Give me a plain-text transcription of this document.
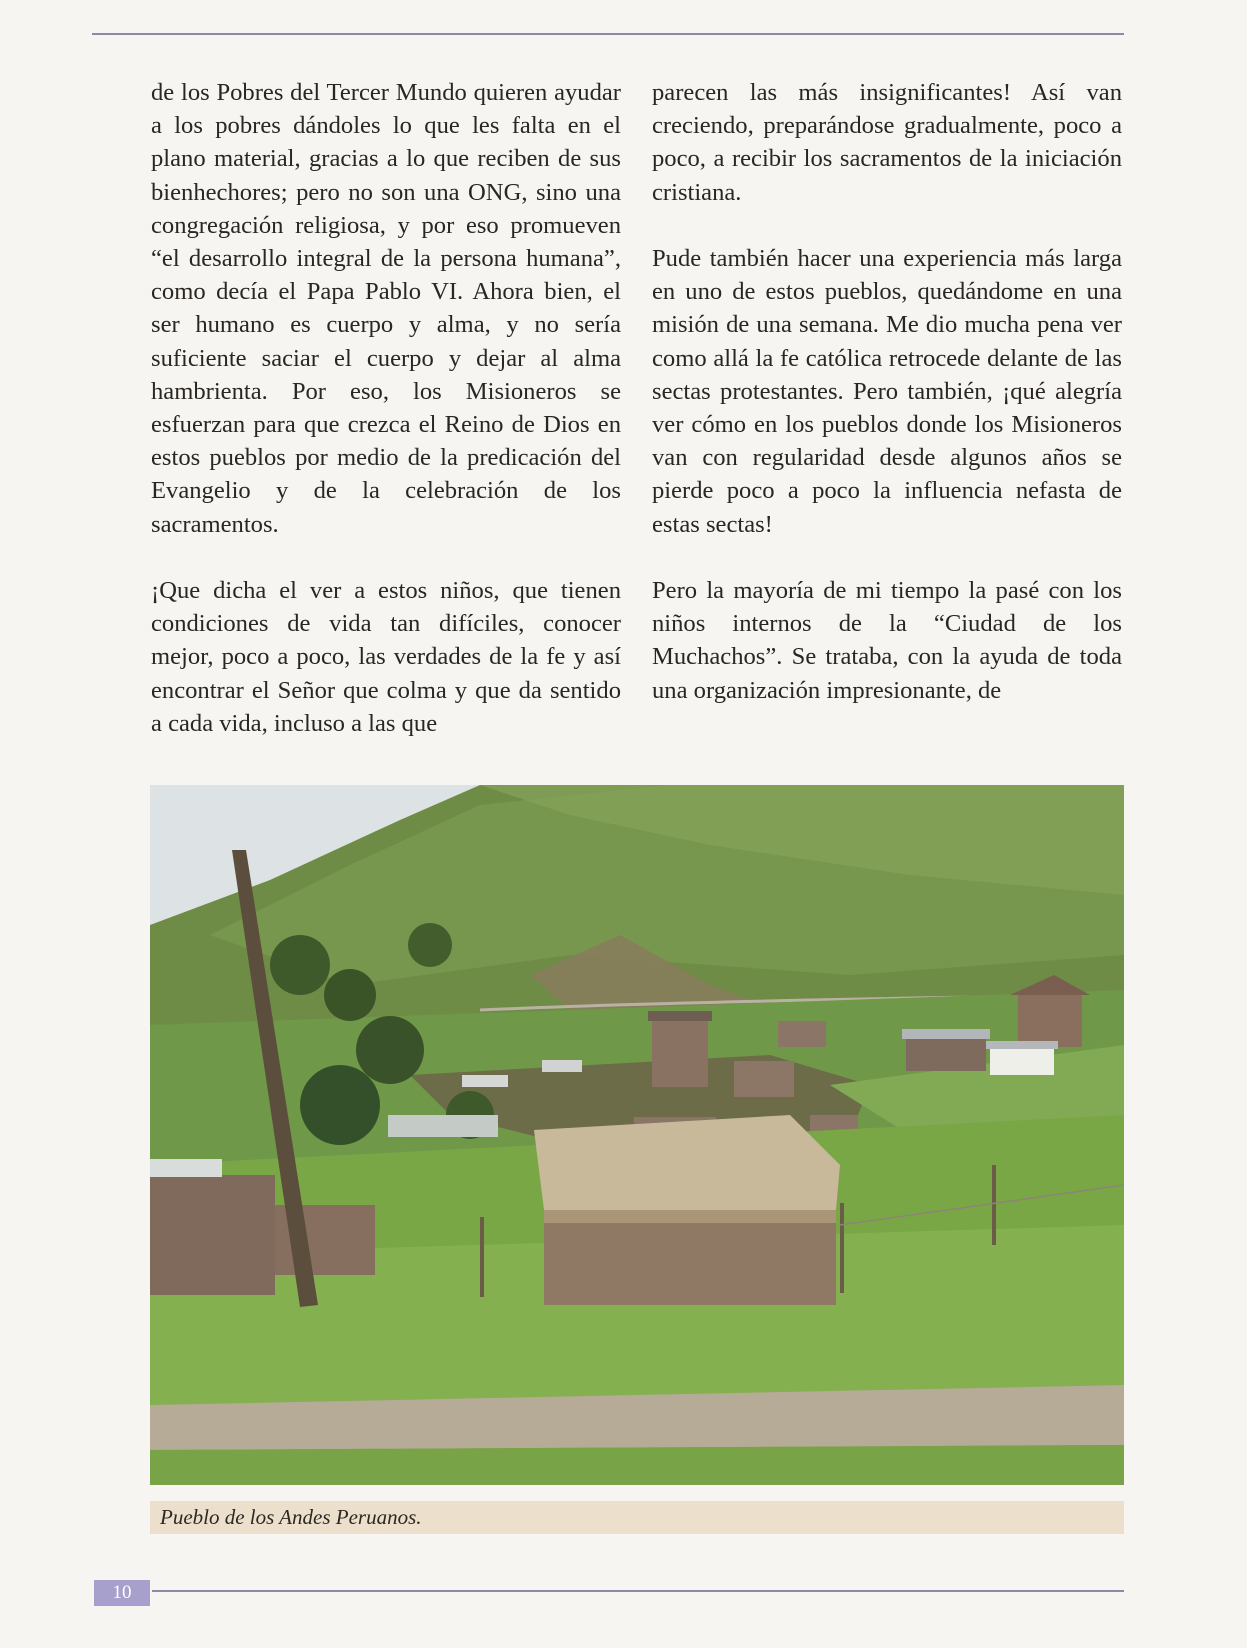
de los Pobres del Tercer Mundo quieren ayudar a los pobres dándoles lo que les falta en el plano material, gracias a lo que reciben de sus bienhechores; pero no son una ONG, sino una congregación religiosa, y por eso promueven “el desarrollo integral de la persona humana”, como decía el Papa Pablo VI. Ahora bien, el ser humano es cuerpo y alma, y no sería suficiente saciar el cuerpo y dejar al alma hambrienta. Por eso, los Misioneros se esfuerzan para que crezca el Reino de Dios en estos pueblos por medio de la predicación del Evangelio y de la celebración de los sacramentos.

¡Que dicha el ver a estos niños, que tienen condiciones de vida tan difíciles, conocer mejor, poco a poco, las verdades de la fe y así encontrar el Señor que colma y que da sentido a cada vida, incluso a las que

parecen las más insignificantes! Así van creciendo, preparándose gradualmente, poco a poco, a recibir los sacramentos de la iniciación cristiana.

Pude también hacer una experiencia más larga en uno de estos pueblos, quedándome en una misión de una semana. Me dio mucha pena ver como allá la fe católica retrocede delante de las sectas protestantes. Pero también, ¡qué alegría ver cómo en los pueblos donde los Misioneros van con regularidad desde algunos años se pierde poco a poco la influencia nefasta de estas sectas!

Pero la mayoría de mi tiempo la pasé con los niños internos de la “Ciudad de los Muchachos”. Se trataba, con la ayuda de toda una organización impresionante, de

Pueblo de los Andes Peruanos.
10
